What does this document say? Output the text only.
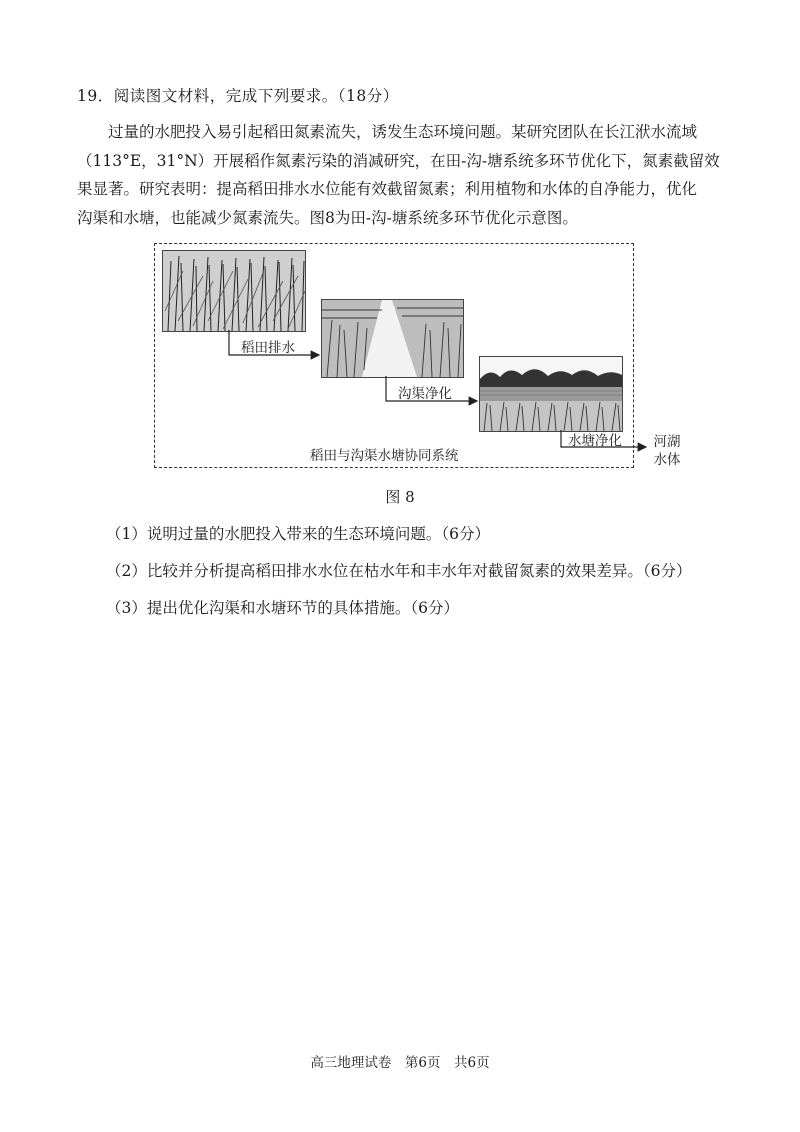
19．阅读图文材料，完成下列要求。（18分）
过量的水肥投入易引起稻田氮素流失，诱发生态环境问题。某研究团队在长江洑水流域
（113°E，31°N）开展稻作氮素污染的消减研究，在田-沟-塘系统多环节优化下，氮素截留效
果显著。研究表明：提高稻田排水水位能有效截留氮素；利用植物和水体的自净能力，优化
沟渠和水塘，也能减少氮素流失。图8为田-沟-塘系统多环节优化示意图。
稻田排水
沟渠净化
水塘净化
稻田与沟渠水塘协同系统
河湖
水体
图 8
（1）说明过量的水肥投入带来的生态环境问题。（6分）
（2）比较并分析提高稻田排水水位在枯水年和丰水年对截留氮素的效果差异。（6分）
（3）提出优化沟渠和水塘环节的具体措施。（6分）
高三地理试卷　第6页　共6页
